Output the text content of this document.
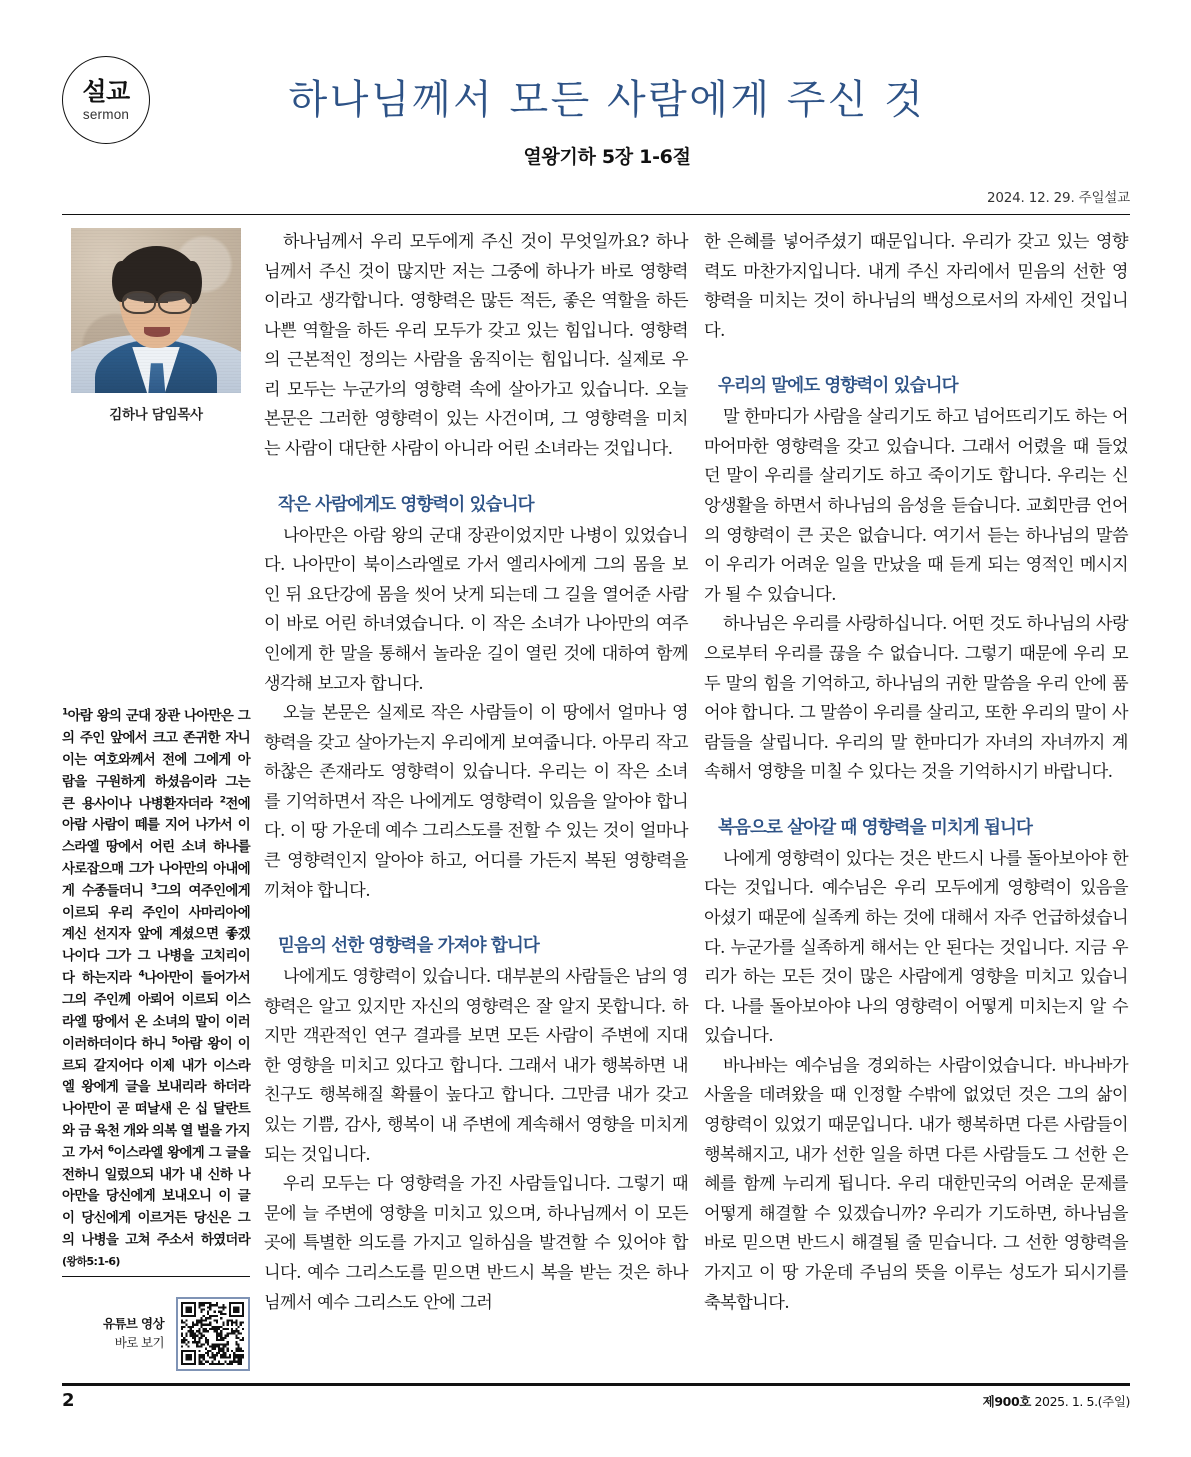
설교
sermon	하나님께서 모든 사람에게 주신 것
열왕기하 5장 1-6절
2024. 12. 29. 주일설교
김하나 담임목사
$^1$아람 왕의 군대 장관 나아만은 그의 주인 앞에서 크고 존귀한 자니 이는 여호와께서 전에 그에게 아람을 구원하게 하셨음이라 그는 큰 용사이나 나병환자더라 $^2$전에 아람 사람이 떼를 지어 나가서 이스라엘 땅에서 어린 소녀 하나를 사로잡으매 그가 나아만의 아내에게 수종들더니 $^3$그의 여주인에게 이르되 우리 주인이 사마리아에 계신 선지자 앞에 계셨으면 좋겠나이다 그가 그 나병을 고치리이다 하는지라 $^4$나아만이 들어가서 그의 주인께 아뢰어 이르되 이스라엘 땅에서 온 소녀의 말이 이러이러하더이다 하니 $^5$아람 왕이 이르되 갈지어다 이제 내가 이스라엘 왕에게 글을 보내리라 하더라 나아만이 곧 떠날새 은 십 달란트와 금 육천 개와 의복 열 벌을 가지고 가서 $^6$이스라엘 왕에게 그 글을 전하니 일렀으되 내가 내 신하 나아만을 당신에게 보내오니 이 글이 당신에게 이르거든 당신은 그의 나병을 고쳐 주소서 하였더라(왕하5:1-6)
유튜브 영상
바로 보기

하나님께서 우리 모두에게 주신 것이 무엇일까요? 하나님께서 주신 것이 많지만 저는 그중에 하나가 바로 영향력이라고 생각합니다. 영향력은 많든 적든, 좋은 역할을 하든 나쁜 역할을 하든 우리 모두가 갖고 있는 힘입니다. 영향력의 근본적인 정의는 사람을 움직이는 힘입니다. 실제로 우리 모두는 누군가의 영향력 속에 살아가고 있습니다. 오늘 본문은 그러한 영향력이 있는 사건이며, 그 영향력을 미치는 사람이 대단한 사람이 아니라 어린 소녀라는 것입니다.

작은 사람에게도 영향력이 있습니다

나아만은 아람 왕의 군대 장관이었지만 나병이 있었습니다. 나아만이 북이스라엘로 가서 엘리사에게 그의 몸을 보인 뒤 요단강에 몸을 씻어 낫게 되는데 그 길을 열어준 사람이 바로 어린 하녀였습니다. 이 작은 소녀가 나아만의 여주인에게 한 말을 통해서 놀라운 길이 열린 것에 대하여 함께 생각해 보고자 합니다.

오늘 본문은 실제로 작은 사람들이 이 땅에서 얼마나 영향력을 갖고 살아가는지 우리에게 보여줍니다. 아무리 작고 하찮은 존재라도 영향력이 있습니다. 우리는 이 작은 소녀를 기억하면서 작은 나에게도 영향력이 있음을 알아야 합니다. 이 땅 가운데 예수 그리스도를 전할 수 있는 것이 얼마나 큰 영향력인지 알아야 하고, 어디를 가든지 복된 영향력을 끼쳐야 합니다.

믿음의 선한 영향력을 가져야 합니다

나에게도 영향력이 있습니다. 대부분의 사람들은 남의 영향력은 알고 있지만 자신의 영향력은 잘 알지 못합니다. 하지만 객관적인 연구 결과를 보면 모든 사람이 주변에 지대한 영향을 미치고 있다고 합니다. 그래서 내가 행복하면 내 친구도 행복해질 확률이 높다고 합니다. 그만큼 내가 갖고 있는 기쁨, 감사, 행복이 내 주변에 계속해서 영향을 미치게 되는 것입니다.

우리 모두는 다 영향력을 가진 사람들입니다. 그렇기 때문에 늘 주변에 영향을 미치고 있으며, 하나님께서 이 모든 곳에 특별한 의도를 가지고 일하심을 발견할 수 있어야 합니다. 예수 그리스도를 믿으면 반드시 복을 받는 것은 하나님께서 예수 그리스도 안에 그러

한 은혜를 넣어주셨기 때문입니다. 우리가 갖고 있는 영향력도 마찬가지입니다. 내게 주신 자리에서 믿음의 선한 영향력을 미치는 것이 하나님의 백성으로서의 자세인 것입니다.

우리의 말에도 영향력이 있습니다

말 한마디가 사람을 살리기도 하고 넘어뜨리기도 하는 어마어마한 영향력을 갖고 있습니다. 그래서 어렸을 때 들었던 말이 우리를 살리기도 하고 죽이기도 합니다. 우리는 신앙생활을 하면서 하나님의 음성을 듣습니다. 교회만큼 언어의 영향력이 큰 곳은 없습니다. 여기서 듣는 하나님의 말씀이 우리가 어려운 일을 만났을 때 듣게 되는 영적인 메시지가 될 수 있습니다.

하나님은 우리를 사랑하십니다. 어떤 것도 하나님의 사랑으로부터 우리를 끊을 수 없습니다. 그렇기 때문에 우리 모두 말의 힘을 기억하고, 하나님의 귀한 말씀을 우리 안에 품어야 합니다. 그 말씀이 우리를 살리고, 또한 우리의 말이 사람들을 살립니다. 우리의 말 한마디가 자녀의 자녀까지 계속해서 영향을 미칠 수 있다는 것을 기억하시기 바랍니다.

복음으로 살아갈 때 영향력을 미치게 됩니다

나에게 영향력이 있다는 것은 반드시 나를 돌아보아야 한다는 것입니다. 예수님은 우리 모두에게 영향력이 있음을 아셨기 때문에 실족케 하는 것에 대해서 자주 언급하셨습니다. 누군가를 실족하게 해서는 안 된다는 것입니다. 지금 우리가 하는 모든 것이 많은 사람에게 영향을 미치고 있습니다. 나를 돌아보아야 나의 영향력이 어떻게 미치는지 알 수 있습니다.

바나바는 예수님을 경외하는 사람이었습니다. 바나바가 사울을 데려왔을 때 인정할 수밖에 없었던 것은 그의 삶이 영향력이 있었기 때문입니다. 내가 행복하면 다른 사람들이 행복해지고, 내가 선한 일을 하면 다른 사람들도 그 선한 은혜를 함께 누리게 됩니다. 우리 대한민국의 어려운 문제를 어떻게 해결할 수 있겠습니까? 우리가 기도하면, 하나님을 바로 믿으면 반드시 해결될 줄 믿습니다. 그 선한 영향력을 가지고 이 땅 가운데 주님의 뜻을 이루는 성도가 되시기를 축복합니다.

2	제900호 2025. 1. 5.(주일)
